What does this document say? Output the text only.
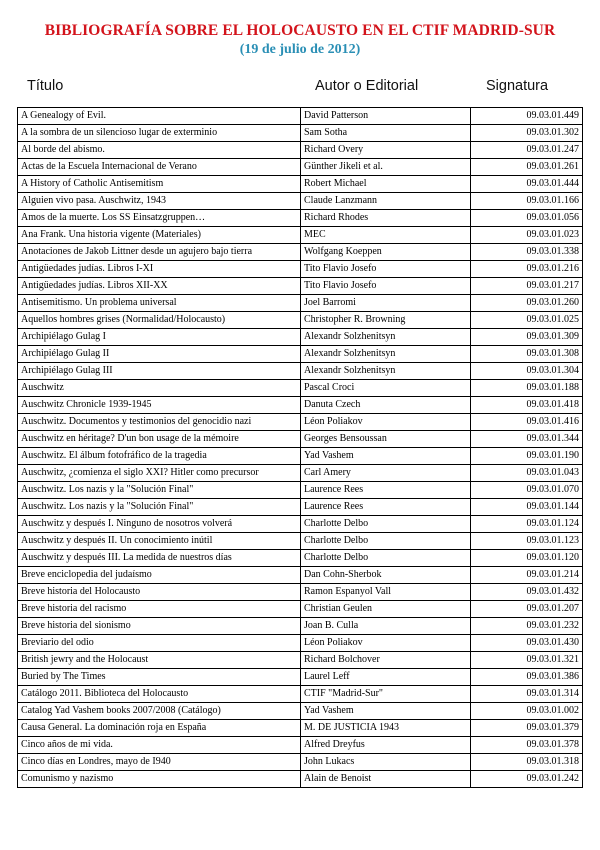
BIBLIOGRAFÍA SOBRE EL HOLOCAUSTO EN EL CTIF MADRID-SUR
(19 de julio de 2012)
Título	Autor o Editorial	Signatura
A Genealogy of Evil.	David Patterson	09.03.01.449
A la sombra de un silencioso lugar de exterminio	Sam Sotha	09.03.01.302
Al borde del abismo.	Richard Overy	09.03.01.247
Actas de la Escuela Internacional de Verano	Günther Jikeli et al.	09.03.01.261
A History of Catholic Antisemitism	Robert Michael	09.03.01.444
Alguien vivo pasa. Auschwitz, 1943	Claude Lanzmann	09.03.01.166
Amos de la muerte. Los SS Einsatzgruppen…	Richard Rhodes	09.03.01.056
Ana Frank. Una historia vigente (Materiales)	MEC	09.03.01.023
Anotaciones de Jakob Littner desde un agujero bajo tierra	Wolfgang Koeppen	09.03.01.338
Antigüedades judías. Libros I-XI	Tito Flavio Josefo	09.03.01.216
Antigüedades judías. Libros XII-XX	Tito Flavio Josefo	09.03.01.217
Antisemitismo. Un problema universal	Joel Barromi	09.03.01.260
Aquellos hombres grises (Normalidad/Holocausto)	Christopher R. Browning	09.03.01.025
Archipiélago Gulag I	Alexandr Solzhenitsyn	09.03.01.309
Archipiélago Gulag II	Alexandr Solzhenitsyn	09.03.01.308
Archipiélago Gulag III	Alexandr Solzhenitsyn	09.03.01.304
Auschwitz	Pascal Croci	09.03.01.188
Auschwitz Chronicle 1939-1945	Danuta Czech	09.03.01.418
Auschwitz. Documentos y testimonios del genocidio nazi	Léon Poliakov	09.03.01.416
Auschwitz en héritage? D'un bon usage de la mémoire	Georges Bensoussan	09.03.01.344
Auschwitz. El álbum fotofráfico de la tragedia	Yad Vashem	09.03.01.190
Auschwitz, ¿comienza el siglo XXI? Hitler como precursor	Carl Amery	09.03.01.043
Auschwitz. Los nazis y la "Solución Final"	Laurence Rees	09.03.01.070
Auschwitz. Los nazis y la "Solución Final"	Laurence Rees	09.03.01.144
Auschwitz y después I. Ninguno de nosotros volverá	Charlotte Delbo	09.03.01.124
Auschwitz y después II. Un conocimiento inútil	Charlotte Delbo	09.03.01.123
Auschwitz y después III. La medida de nuestros días	Charlotte Delbo	09.03.01.120
Breve enciclopedia del judaísmo	Dan Cohn-Sherbok	09.03.01.214
Breve historia del Holocausto	Ramon Espanyol Vall	09.03.01.432
Breve historia del racismo	Christian Geulen	09.03.01.207
Breve historia del sionismo	Joan B. Culla	09.03.01.232
Breviario del odio	Léon Poliakov	09.03.01.430
British jewry and the Holocaust	Richard Bolchover	09.03.01.321
Buried by The Times	Laurel Leff	09.03.01.386
Catálogo 2011. Biblioteca del Holocausto	CTIF "Madrid-Sur"	09.03.01.314
Catalog Yad Vashem books 2007/2008 (Catálogo)	Yad Vashem	09.03.01.002
Causa General. La dominación roja en España	M. DE JUSTICIA 1943	09.03.01.379
Cinco años de mi vida.	Alfred Dreyfus	09.03.01.378
Cinco días en Londres, mayo de I940	John Lukacs	09.03.01.318
Comunismo y nazismo	Alain de Benoist	09.03.01.242
